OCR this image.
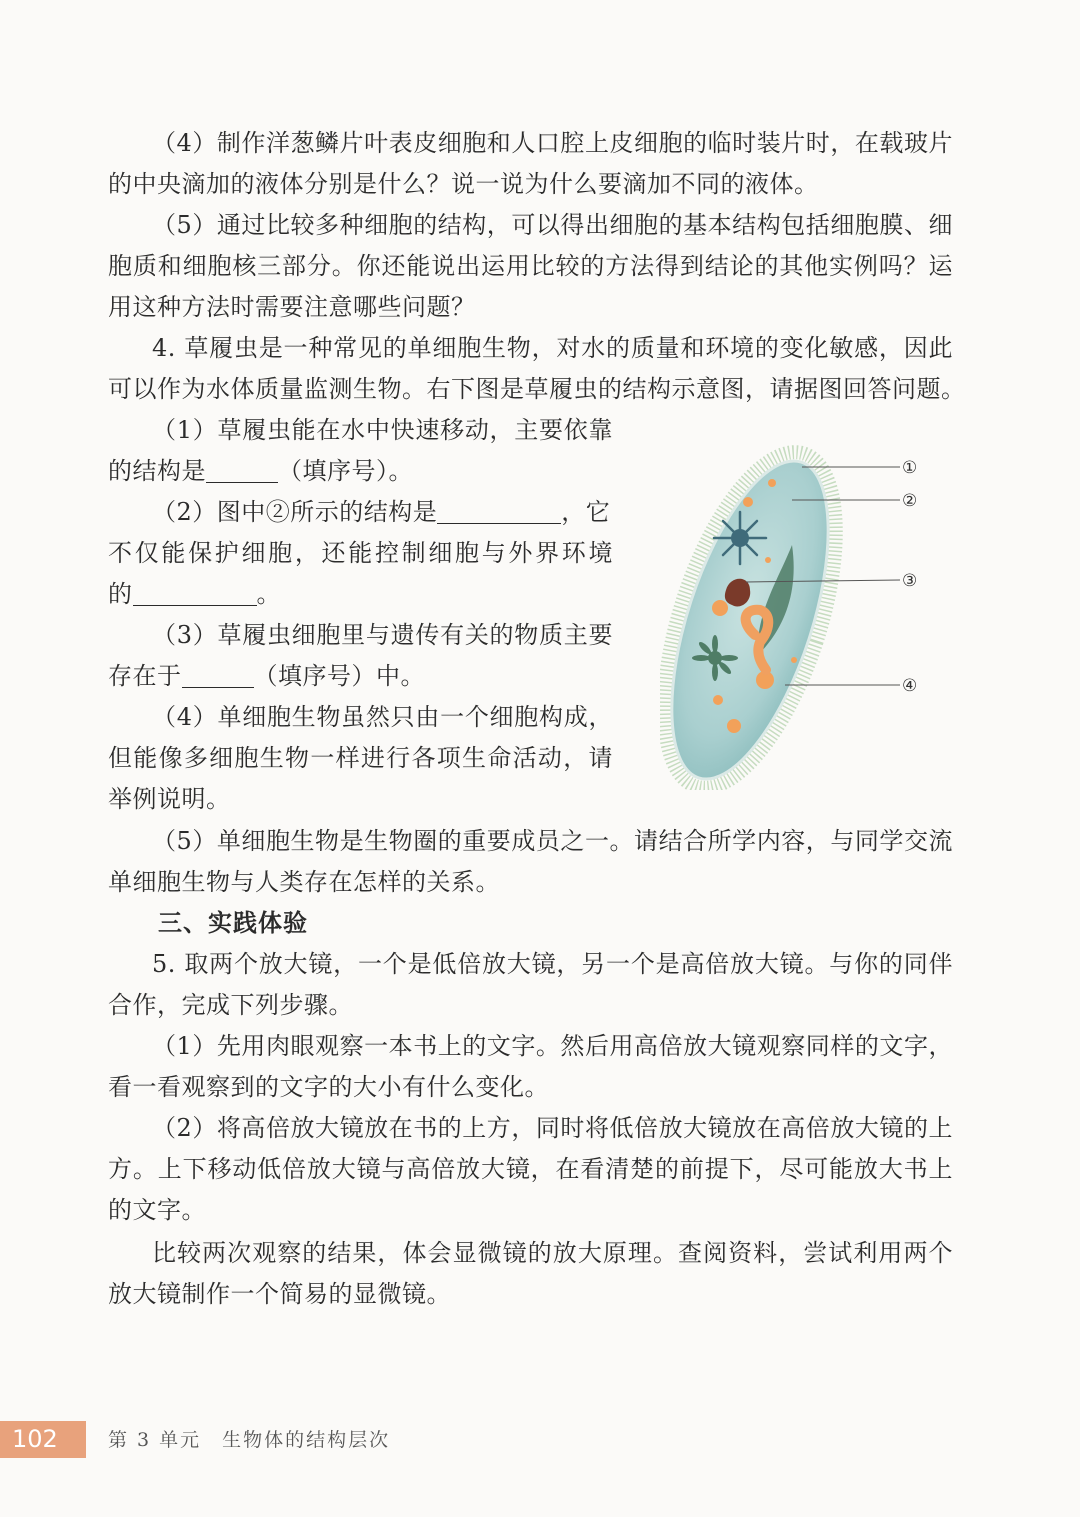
（4）制作洋葱鳞片叶表皮细胞和人口腔上皮细胞的临时装片时，在载玻片
的中央滴加的液体分别是什么？说一说为什么要滴加不同的液体。
（5）通过比较多种细胞的结构，可以得出细胞的基本结构包括细胞膜、细
胞质和细胞核三部分。你还能说出运用比较的方法得到结论的其他实例吗？运
用这种方法时需要注意哪些问题？
4. 草履虫是一种常见的单细胞生物，对水的质量和环境的变化敏感，因此
可以作为水体质量监测生物。右下图是草履虫的结构示意图，请据图回答问题。
（1）草履虫能在水中快速移动，主要依靠
的结构是	（填序号）。
（2）图中②所示的结构是	，它
不仅能保护细胞，还能控制细胞与外界环境
的	。
（3）草履虫细胞里与遗传有关的物质主要
存在于	（填序号）中。
（4）单细胞生物虽然只由一个细胞构成，
但能像多细胞生物一样进行各项生命活动，请
举例说明。
①
②
③
④
（5）单细胞生物是生物圈的重要成员之一。请结合所学内容，与同学交流
单细胞生物与人类存在怎样的关系。
三、实践体验
5. 取两个放大镜，一个是低倍放大镜，另一个是高倍放大镜。与你的同伴
合作，完成下列步骤。
（1）先用肉眼观察一本书上的文字。然后用高倍放大镜观察同样的文字，
看一看观察到的文字的大小有什么变化。
（2）将高倍放大镜放在书的上方，同时将低倍放大镜放在高倍放大镜的上
方。上下移动低倍放大镜与高倍放大镜，在看清楚的前提下，尽可能放大书上
的文字。
比较两次观察的结果，体会显微镜的放大原理。查阅资料，尝试利用两个
放大镜制作一个简易的显微镜。
102	第 3 单元　生物体的结构层次
